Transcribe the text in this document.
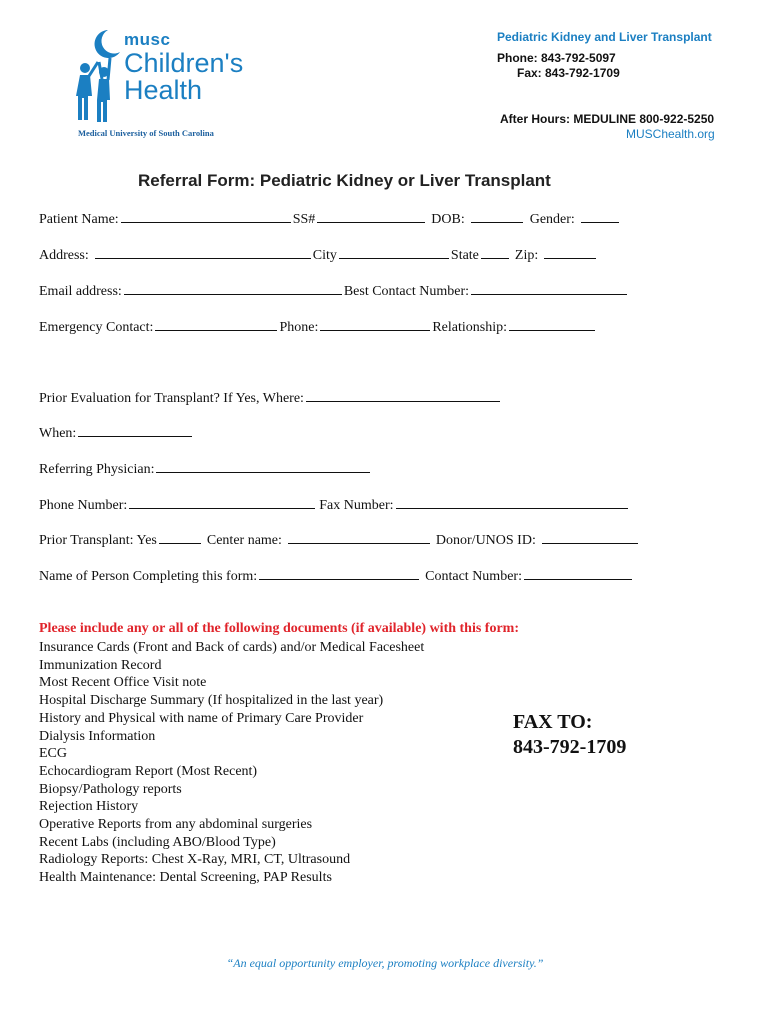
musc
Children's
Health
Medical University of South Carolina
Pediatric Kidney and Liver Transplant
Phone: 843-792-5097
Fax: 843-792-1709
After Hours: MEDULINE 800-922-5250
MUSChealth.org
Referral Form: Pediatric Kidney or Liver Transplant
Patient Name:	SS#	DOB:	Gender:
Address:	City	State	Zip:
Email address:	Best Contact Number:
Emergency Contact:	Phone:	Relationship:
Prior Evaluation for Transplant? If Yes, Where:
When:
Referring Physician:
Phone Number:	Fax Number:
Prior Transplant: Yes	Center name:	Donor/UNOS ID:
Name of Person Completing this form:	Contact Number:
Please include any or all of the following documents (if available) with this form:
Insurance Cards (Front and Back of cards) and/or Medical Facesheet
Immunization Record
Most Recent Office Visit note
Hospital Discharge Summary (If hospitalized in the last year)
History and Physical with name of Primary Care Provider
Dialysis Information
ECG
Echocardiogram Report (Most Recent)
Biopsy/Pathology reports
Rejection History
Operative Reports from any abdominal surgeries
Recent Labs (including ABO/Blood Type)
Radiology Reports: Chest X-Ray, MRI, CT, Ultrasound
Health Maintenance: Dental Screening, PAP Results
FAX TO:
843-792-1709
“An equal opportunity employer, promoting workplace diversity.”
